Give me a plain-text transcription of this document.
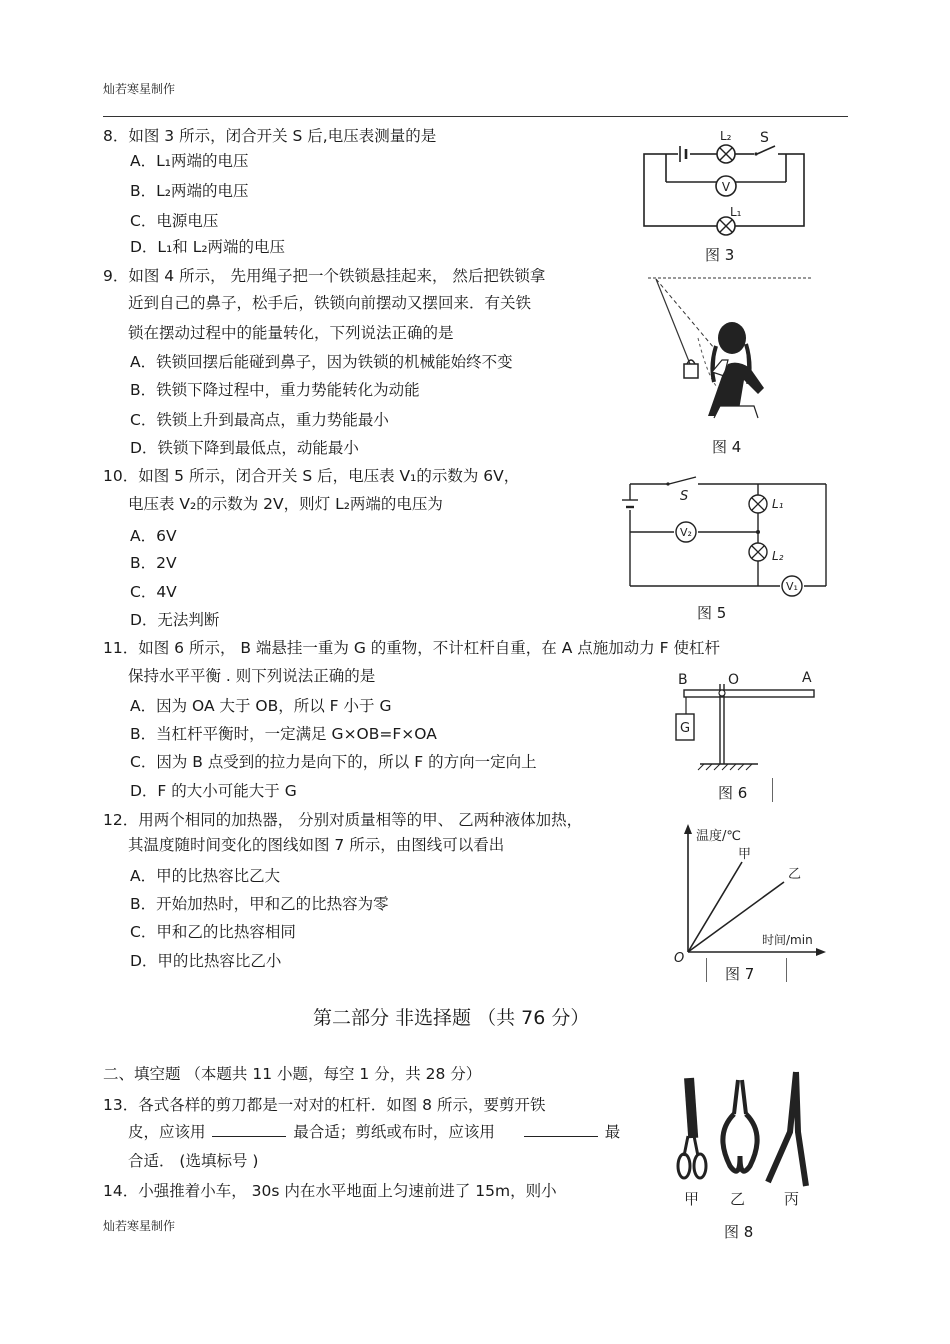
灿若寒星制作
8．如图 3 所示，闭合开关 S 后,电压表测量的是
A．L₁两端的电压
B．L₂两端的电压
C．电源电压
D．L₁和 L₂两端的电压
V
L₂ S
L₁
图 3
9．如图 4 所示， 先用绳子把一个铁锁悬挂起来， 然后把铁锁拿
近到自己的鼻子，松手后，铁锁向前摆动又摆回来．有关铁
锁在摆动过程中的能量转化，下列说法正确的是
A．铁锁回摆后能碰到鼻子，因为铁锁的机械能始终不变
B．铁锁下降过程中，重力势能转化为动能
C．铁锁上升到最高点，重力势能最小
D．铁锁下降到最低点，动能最小	图 4
10．如图 5 所示，闭合开关 S 后，电压表 V₁的示数为 6V，
电压表 V₂的示数为 2V，则灯 L₂两端的电压为
A．6V
B．2V
C．4V
D．无法判断
V₂
V₁
S	L₁
L₂
图 5
11．如图 6 所示， B 端悬挂一重为 G 的重物，不计杠杆自重，在 A 点施加动力 F 使杠杆
保持水平平衡 . 则下列说法正确的是
A．因为 OA 大于 OB，所以 F 小于 G
B．当杠杆平衡时，一定满足 G×OB=F×OA
C．因为 B 点受到的拉力是向下的，所以 F 的方向一定向上
D．F 的大小可能大于 G
G
B	O	A
图 6
12．用两个相同的加热器， 分别对质量相等的甲、 乙两种液体加热，
其温度随时间变化的图线如图 7 所示，由图线可以看出
A．甲的比热容比乙大
B．开始加热时，甲和乙的比热容为零
C．甲和乙的比热容相同
D．甲的比热容比乙小
温度/℃
时间/min
O
甲
乙
图 7
第二部分 非选择题 （共 76 分）
二、填空题 （本题共 11 小题，每空 1 分，共 28 分）
13．各式各样的剪刀都是一对对的杠杆．如图 8 所示，要剪开铁
皮，应该用	最合适；剪纸或布时，应该用	最
合适． (选填标号 )
14．小强推着小车， 30s 内在水平地面上匀速前进了 15m，则小	甲 乙	丙
图 8
灿若寒星制作
